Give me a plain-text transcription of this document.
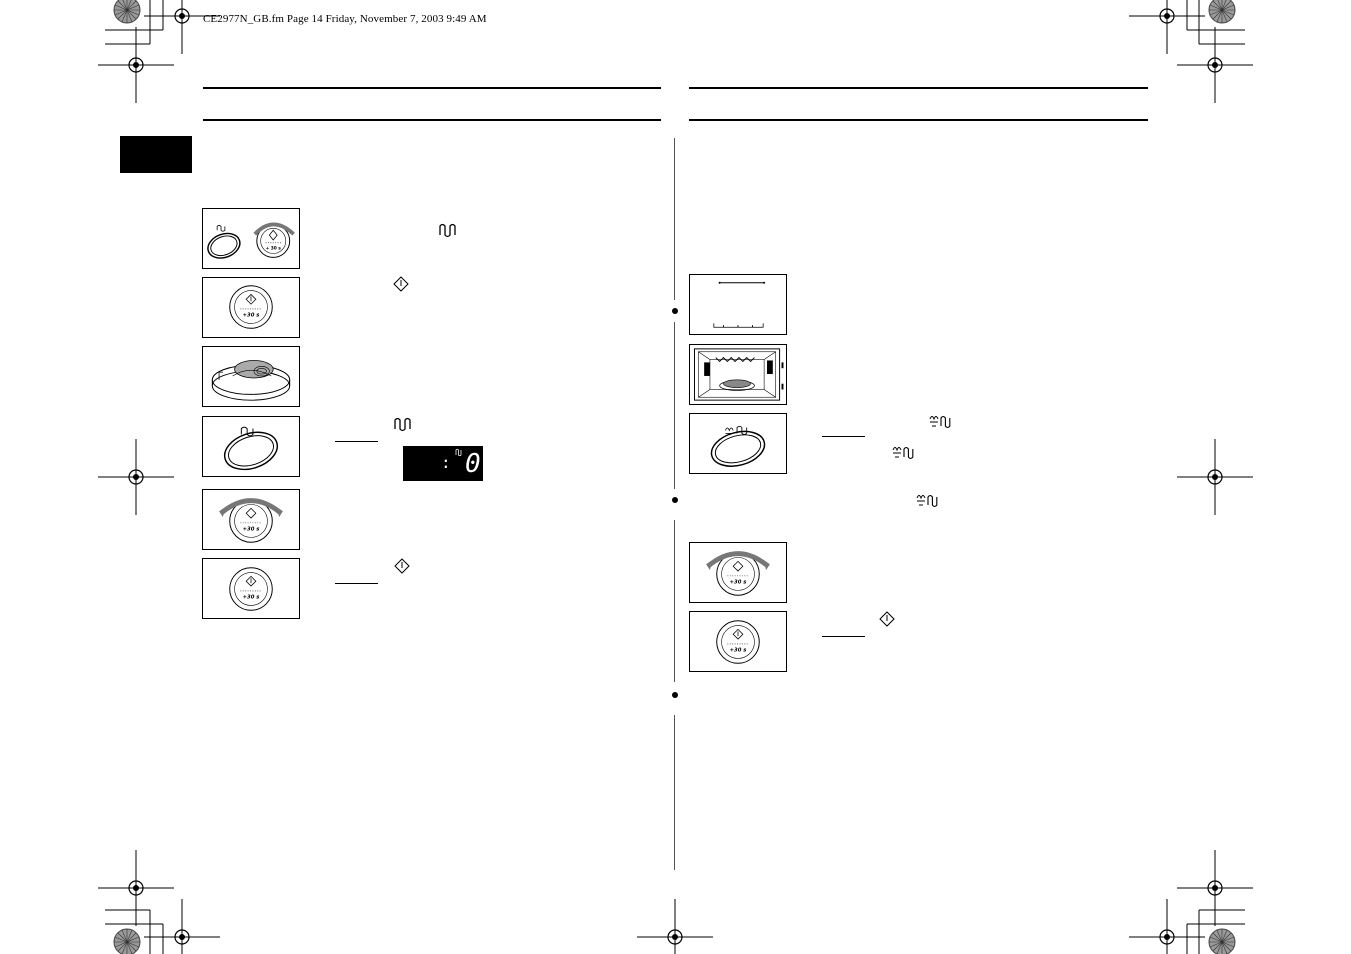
CE2977N_GB.fm Page 14 Friday, November 7, 2003 9:49 AM
+ 30 s
+30 s
+30 s
+30 s
: 0
+30 s
+30 s
